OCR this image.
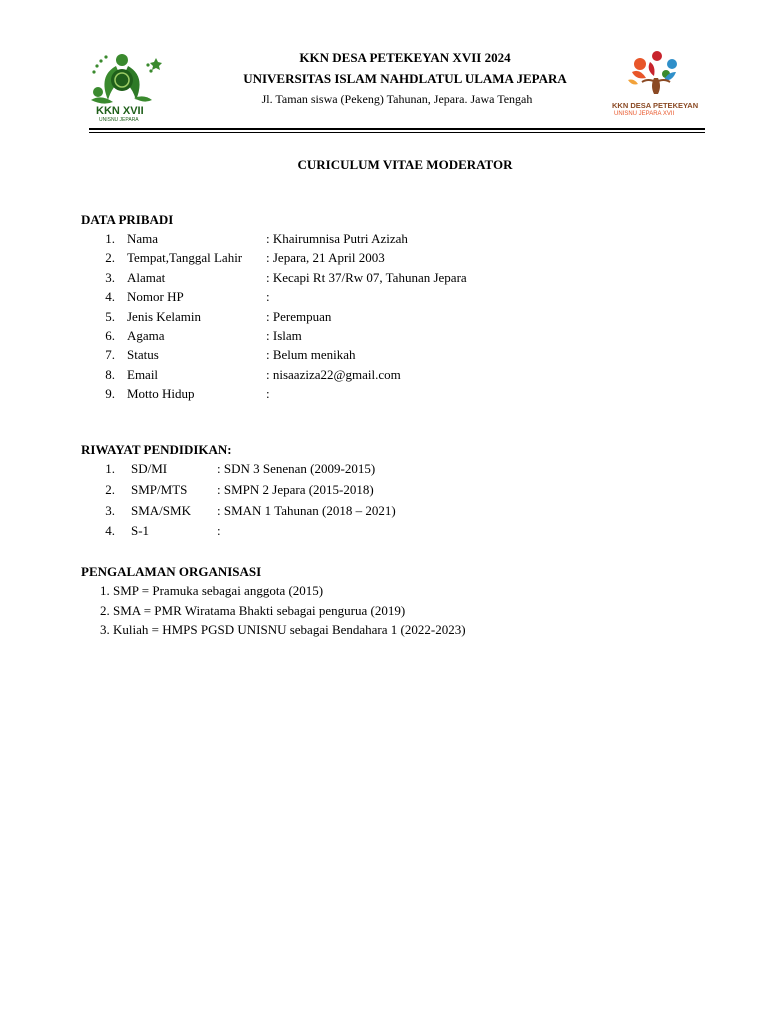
KKN XVII
UNISNU JEPARA
KKN DESA PETEKEYAN
UNISNU JEPARA XVII
KKN DESA PETEKEYAN XVII 2024
UNIVERSITAS ISLAM NAHDLATUL ULAMA JEPARA
Jl. Taman siswa (Pekeng) Tahunan, Jepara. Jawa Tengah
CURICULUM VITAE MODERATOR
DATA PRIBADI
1. Nama	: Khairumnisa Putri Azizah
2. Tempat,Tanggal Lahir : Jepara, 21 April 2003
3. Alamat	: Kecapi Rt 37/Rw 07, Tahunan Jepara
4. Nomor HP	:
5. Jenis Kelamin	: Perempuan
6. Agama	: Islam
7. Status	: Belum menikah
8. Email	: nisaaziza22@gmail.com
9. Motto Hidup	:
RIWAYAT PENDIDIKAN:
1. SD/MI	: SDN 3 Senenan (2009-2015)
2. SMP/MTS : SMPN 2 Jepara (2015-2018)
3. SMA/SMK : SMAN 1 Tahunan (2018 – 2021)
4. S-1	:
PENGALAMAN ORGANISASI
1. SMP = Pramuka sebagai anggota (2015)
2. SMA = PMR Wiratama Bhakti sebagai pengurua (2019)
3. Kuliah = HMPS PGSD UNISNU sebagai Bendahara 1 (2022-2023)
